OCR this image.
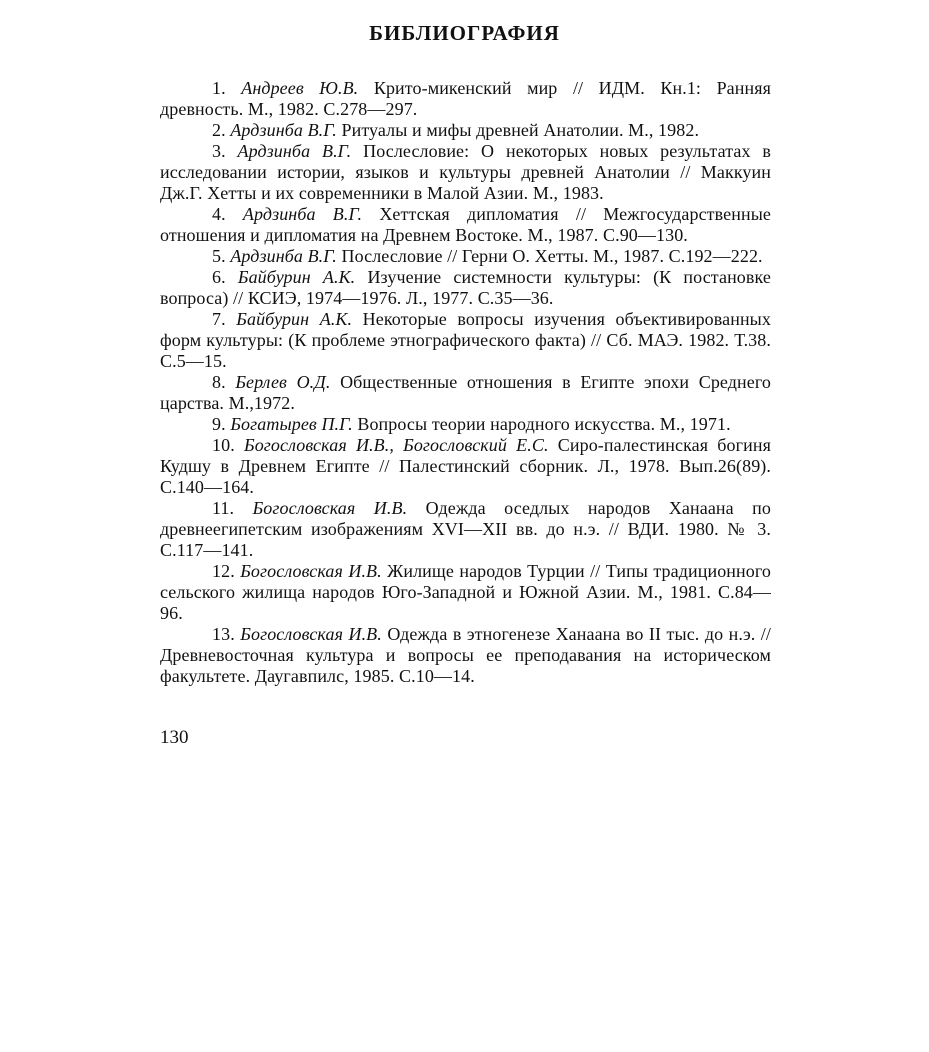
БИБЛИОГРАФИЯ

1. Андреев Ю.В. Крито-микенский мир // ИДМ. Кн.1: Ранняя древность. М., 1982. С.278—297.

2. Ардзинба В.Г. Ритуалы и мифы древней Анатолии. М., 1982.

3. Ардзинба В.Г. Послесловие: О некоторых новых результатах в исследовании истории, языков и культуры древней Анатолии // Маккуин Дж.Г. Хетты и их современники в Малой Азии. М., 1983.

4. Ардзинба В.Г. Хеттская дипломатия // Межгосударственные отношения и дипломатия на Древнем Востоке. М., 1987. С.90—130.

5. Ардзинба В.Г. Послесловие // Герни О. Хетты. М., 1987. С.192—222.

6. Байбурин А.К. Изучение системности культуры: (К постановке вопроса) // КСИЭ, 1974—1976. Л., 1977. С.35—36.

7. Байбурин А.К. Некоторые вопросы изучения объективированных форм культуры: (К проблеме этнографического факта) // Сб. МАЭ. 1982. Т.38. С.5—15.

8. Берлев О.Д. Общественные отношения в Египте эпохи Среднего царства. М.,1972.

9. Богатырев П.Г. Вопросы теории народного искусства. М., 1971.

10. Богословская И.В., Богословский Е.С. Сиро-палестинская богиня Кудшу в Древнем Египте // Палестинский сборник. Л., 1978. Вып.26(89). С.140—164.

11. Богословская И.В. Одежда оседлых народов Ханаана по древнеегипетским изображениям XVI—XII вв. до н.э. // ВДИ. 1980. № 3. С.117—141.

12. Богословская И.В. Жилище народов Турции // Типы традиционного сельского жилища народов Юго-Западной и Южной Азии. М., 1981. С.84—96.

13. Богословская И.В. Одежда в этногенезе Ханаана во II тыс. до н.э. // Древневосточная культура и вопросы ее преподавания на историческом факультете. Даугавпилс, 1985. С.10—14.

130
